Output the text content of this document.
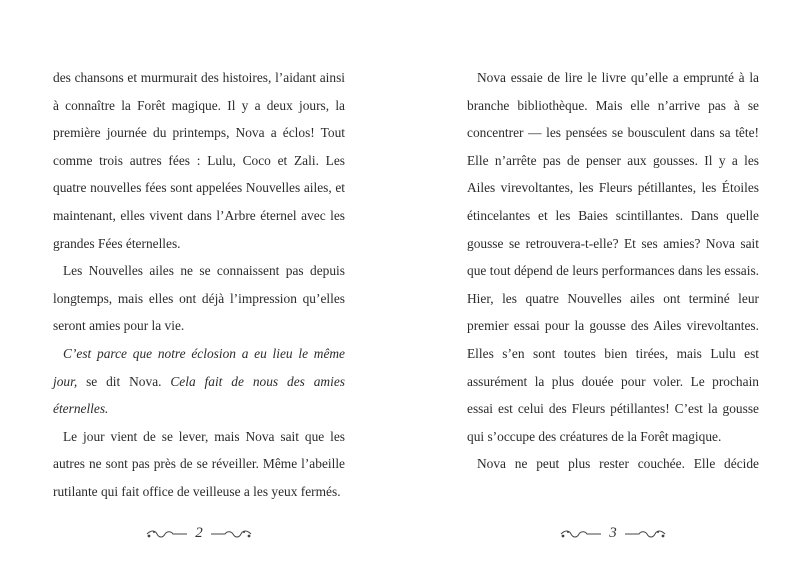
des chansons et murmurait des histoires, l’aidant ainsi à connaître la Forêt magique. Il y a deux jours, la première journée du printemps, Nova a éclos! Tout comme trois autres fées : Lulu, Coco et Zali. Les quatre nouvelles fées sont appelées Nouvelles ailes, et maintenant, elles vivent dans l’Arbre éternel avec les grandes Fées éternelles.

Les Nouvelles ailes ne se connaissent pas depuis longtemps, mais elles ont déjà l’impression qu’elles seront amies pour la vie.

C’est parce que notre éclosion a eu lieu le même jour, se dit Nova. Cela fait de nous des amies éternelles.

Le jour vient de se lever, mais Nova sait que les autres ne sont pas près de se réveiller. Même l’abeille rutilante qui fait office de veilleuse a les yeux fermés.

2

Nova essaie de lire le livre qu’elle a emprunté à la branche bibliothèque. Mais elle n’arrive pas à se concentrer — les pensées se bousculent dans sa tête! Elle n’arrête pas de penser aux gousses. Il y a les Ailes virevoltantes, les Fleurs pétillantes, les Étoiles étincelantes et les Baies scintillantes. Dans quelle gousse se retrouvera-t-elle? Et ses amies? Nova sait que tout dépend de leurs performances dans les essais. Hier, les quatre Nouvelles ailes ont terminé leur premier essai pour la gousse des Ailes virevoltantes. Elles s’en sont toutes bien tirées, mais Lulu est assurément la plus douée pour voler. Le prochain essai est celui des Fleurs pétillantes! C’est la gousse qui s’occupe des créatures de la Forêt magique.

Nova ne peut plus rester couchée. Elle décide

3
